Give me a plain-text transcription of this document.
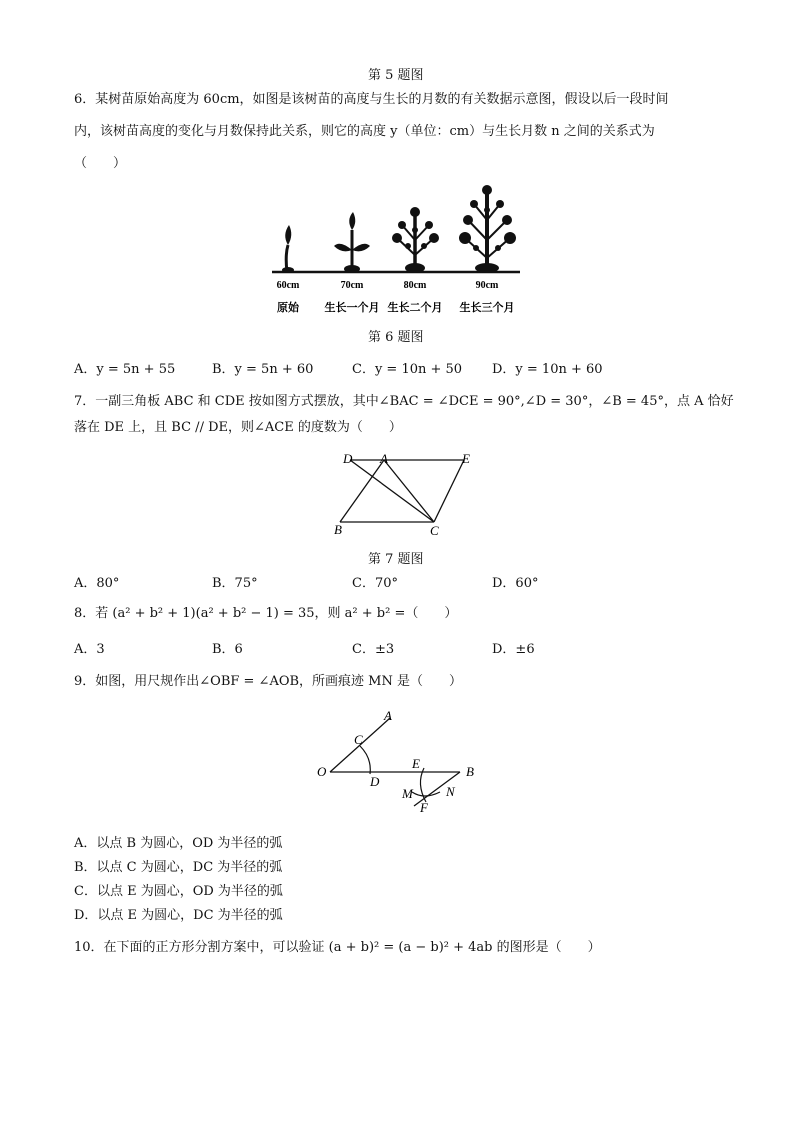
第 5 题图
6．某树苗原始高度为 60cm，如图是该树苗的高度与生长的月数的有关数据示意图，假设以后一段时间
内，该树苗高度的变化与月数保持此关系，则它的高度 y（单位：cm）与生长月数 n 之间的关系式为
（　　）
60cm	70cm	80cm	90cm
原始 生长一个月 生长二个月 生长三个月
第 6 题图
A．y = 5n + 55	B．y = 5n + 60	C．y = 10n + 50 D．y = 10n + 60
7．一副三角板 ABC 和 CDE 按如图方式摆放，其中∠BAC = ∠DCE = 90°,∠D = 30°，∠B = 45°，点 A 恰好
落在 DE 上，且 BC // DE，则∠ACE 的度数为（　　）
D A	E
B	C
第 7 题图
A．80°	B．75°	C．70°	D．60°
8．若 (a² + b² + 1)(a² + b² − 1) = 35，则 a² + b² =（　　）
A．3	B．6	C．±3	D．±6
9．如图，用尺规作出∠OBF = ∠AOB，所画痕迹 MN 是（　　）
A
C
O
D
E
B
M	N
F
A．以点 B 为圆心，OD 为半径的弧
B．以点 C 为圆心，DC 为半径的弧
C．以点 E 为圆心，OD 为半径的弧
D．以点 E 为圆心，DC 为半径的弧
10．在下面的正方形分割方案中，可以验证 (a + b)² = (a − b)² + 4ab 的图形是（　　）
